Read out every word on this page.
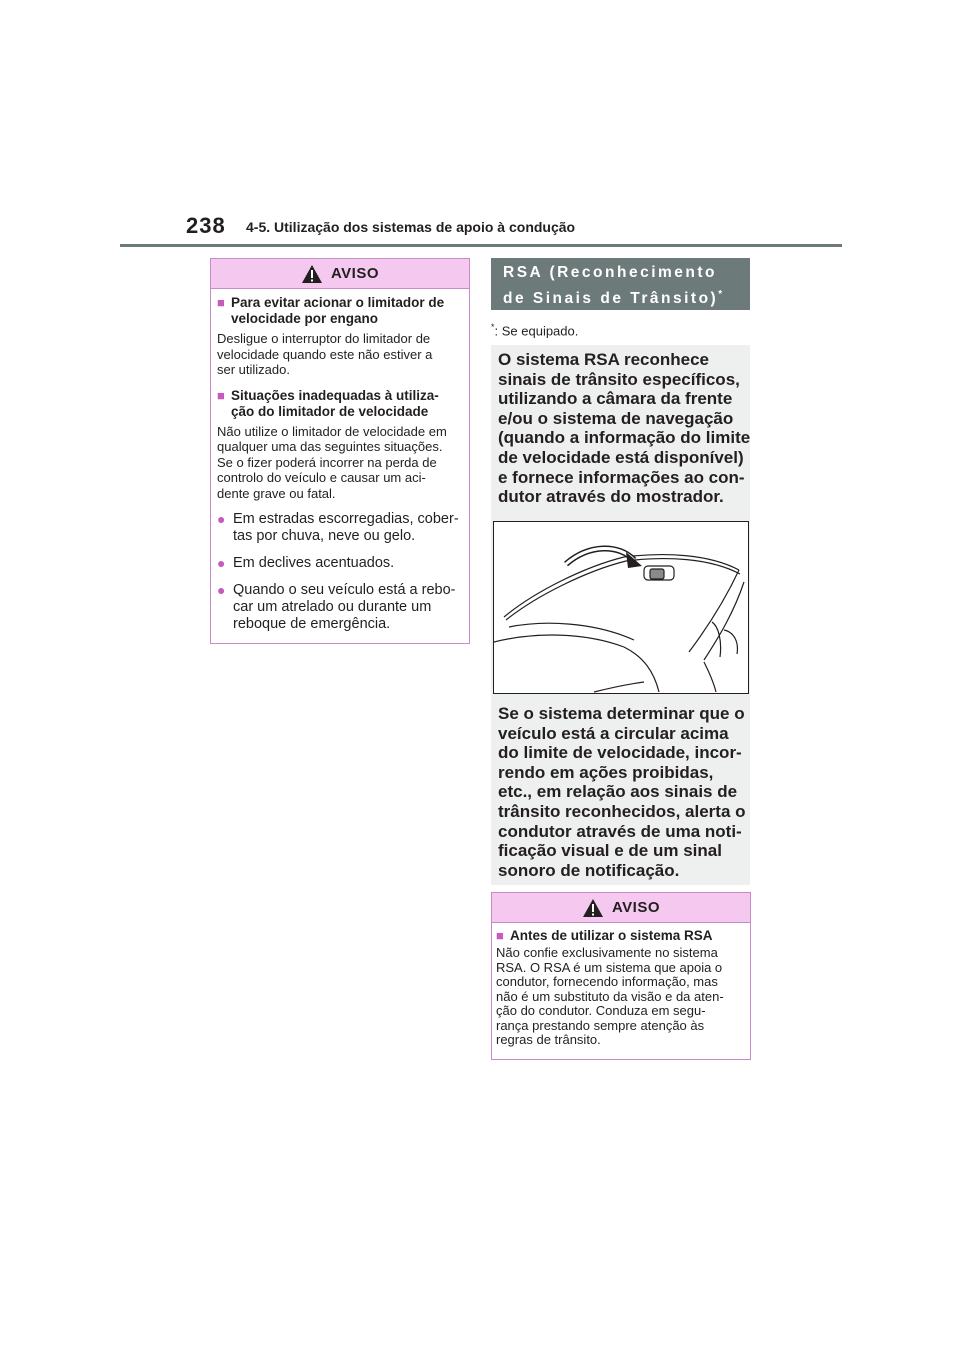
238 4-5. Utilização dos sistemas de apoio à condução
AVISO
■ Para evitar acionar o limitador de
velocidade por engano
Desligue o interruptor do limitador de
velocidade quando este não estiver a
ser utilizado.
■ Situações inadequadas à utiliza-
ção do limitador de velocidade
Não utilize o limitador de velocidade em
qualquer uma das seguintes situações.
Se o fizer poderá incorrer na perda de
controlo do veículo e causar um aci-
dente grave ou fatal.
● Em estradas escorregadias, cober-
tas por chuva, neve ou gelo.
● Em declives acentuados.
● Quando o seu veículo está a rebo-
car um atrelado ou durante um
reboque de emergência.
RSA (Reconhecimento
de Sinais de Trânsito)*
*: Se equipado.
O sistema RSA reconhece
sinais de trânsito específicos,
utilizando a câmara da frente
e/ou o sistema de navegação
(quando a informação do limite
de velocidade está disponível)
e fornece informações ao con-
dutor através do mostrador.
Se o sistema determinar que o
veículo está a circular acima
do limite de velocidade, incor-
rendo em ações proibidas,
etc., em relação aos sinais de
trânsito reconhecidos, alerta o
condutor através de uma noti-
ficação visual e de um sinal
sonoro de notificação.
AVISO
■ Antes de utilizar o sistema RSA
Não confie exclusivamente no sistema
RSA. O RSA é um sistema que apoia o
condutor, fornecendo informação, mas
não é um substituto da visão e da aten-
ção do condutor. Conduza em segu-
rança prestando sempre atenção às
regras de trânsito.
